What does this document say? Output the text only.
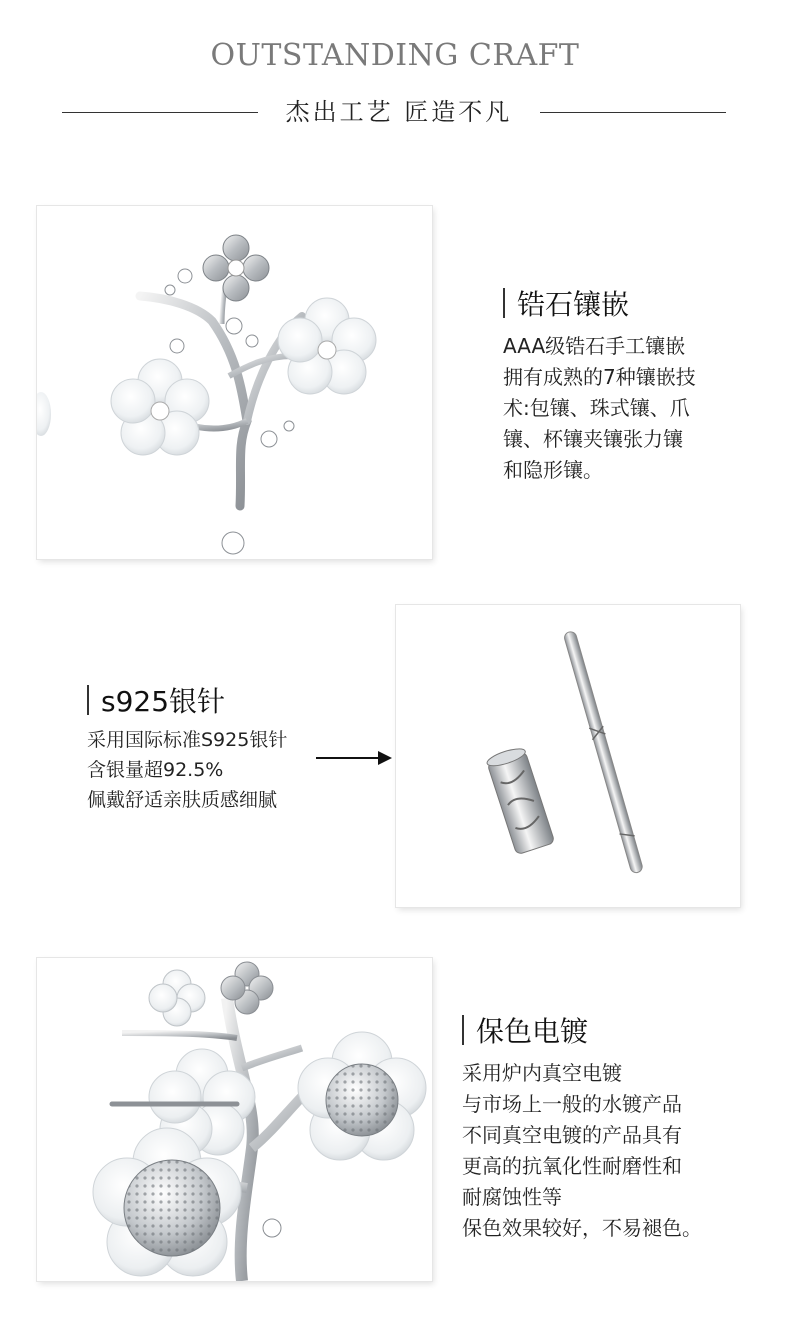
OUTSTANDING CRAFT
杰出工艺 匠造不凡
锆石镶嵌
AAA级锆石手工镶嵌
拥有成熟的7种镶嵌技
术:包镶、珠式镶、爪
镶、杯镶夹镶张力镶
和隐形镶。
s925银针
采用国际标准S925银针
含银量超92.5%
佩戴舒适亲肤质感细腻
保色电镀
采用炉内真空电镀
与市场上一般的水镀产品
不同真空电镀的产品具有
更高的抗氧化性耐磨性和
耐腐蚀性等
保色效果较好，不易褪色。
